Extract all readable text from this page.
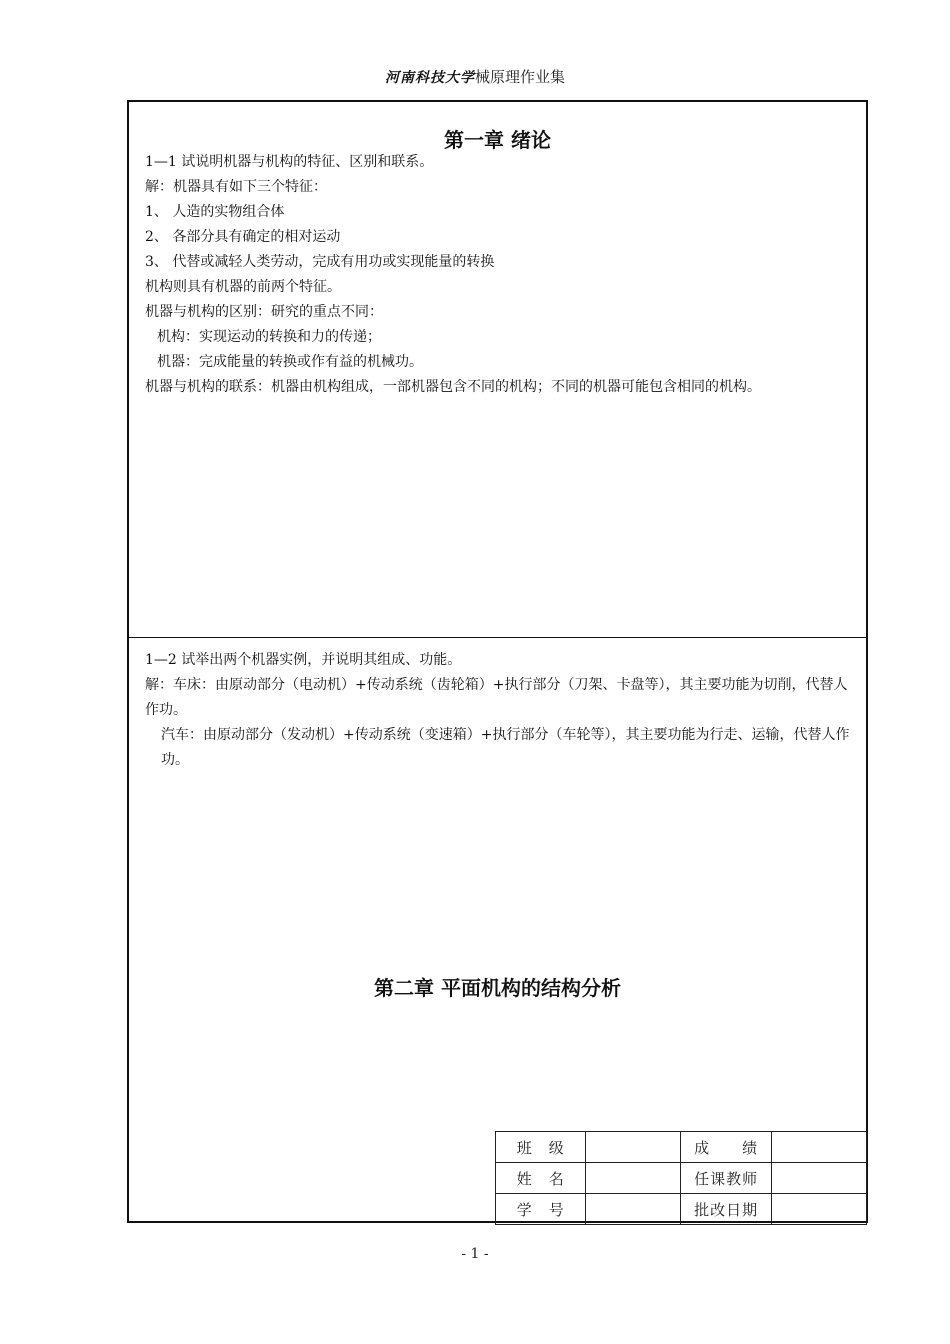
河南科技大学械原理作业集
第一章 绪论
1—1 试说明机器与机构的特征、区别和联系。
解：机器具有如下三个特征：
1、 人造的实物组合体
2、 各部分具有确定的相对运动
3、 代替或减轻人类劳动，完成有用功或实现能量的转换
机构则具有机器的前两个特征。
机器与机构的区别：研究的重点不同：
机构：实现运动的转换和力的传递；
机器：完成能量的转换或作有益的机械功。
机器与机构的联系：机器由机构组成，一部机器包含不同的机构；不同的机器可能包含相同的机构。
1—2 试举出两个机器实例，并说明其组成、功能。
解：车床：由原动部分（电动机）+传动系统（齿轮箱）+执行部分（刀架、卡盘等），其主要功能为切削，代替人作功。
汽车：由原动部分（发动机）+传动系统（变速箱）+执行部分（车轮等），其主要功能为行走、运输，代替人作功。
第二章 平面机构的结构分析
班　级		成　　绩	
姓　名		任课教师	
学　号		批改日期	
- 1 -
